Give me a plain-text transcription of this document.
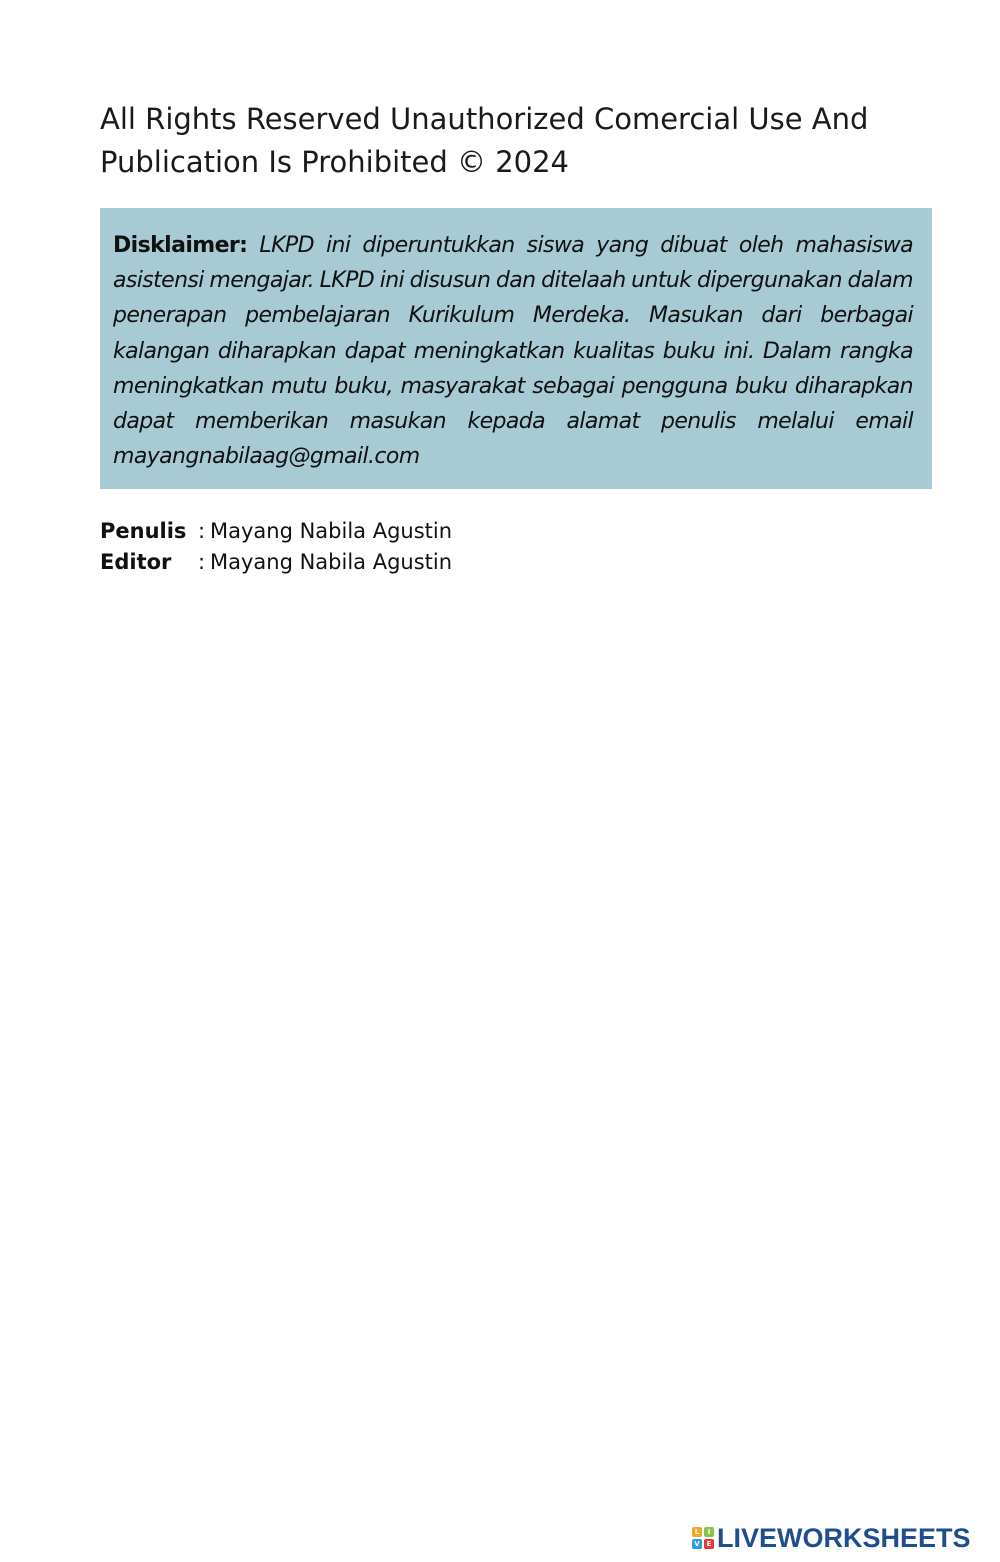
All Rights Reserved Unauthorized Comercial Use And
Publication Is Prohibited © 2024

Disklaimer: LKPD ini diperuntukkan siswa yang dibuat oleh mahasiswa asistensi mengajar. LKPD ini disusun dan ditelaah untuk dipergunakan dalam penerapan pembelajaran Kurikulum Merdeka. Masukan dari berbagai kalangan diharapkan dapat meningkatkan kualitas buku ini. Dalam rangka meningkatkan mutu buku, masyarakat sebagai pengguna buku diharapkan dapat memberikan masukan kepada alamat penulis melalui email mayangnabilaag@gmail.com

Penulis : Mayang Nabila Agustin
Editor	: Mayang Nabila Agustin
L	I
V E LIVEWORKSHEETS
